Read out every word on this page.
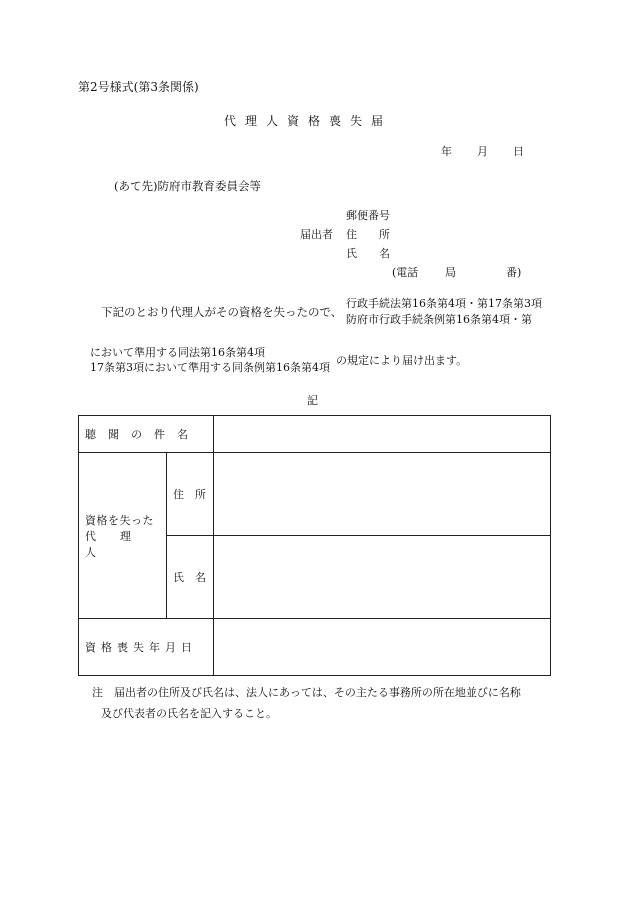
第2号様式(第3条関係)
代理人資格喪失届
年 月 日
(あて先)防府市教育委員会等
郵便番号
届出者 住　　所
氏　　名
(電話 局	番)
下記のとおり代理人がその資格を失ったので、
行政手続法第16条第4項・第17条第3項
防府市行政手続条例第16条第4項・第
において準用する同法第16条第4項
17条第3項において準用する同条例第16条第4項
の規定により届け出ます。
記
聴聞の件名		

資格を失った
代理人	住　所	
	氏　名	
資格喪失年月日		
注 届出者の住所及び氏名は、法人にあっては、その主たる事務所の所在地並びに名称
及び代表者の氏名を記入すること。
